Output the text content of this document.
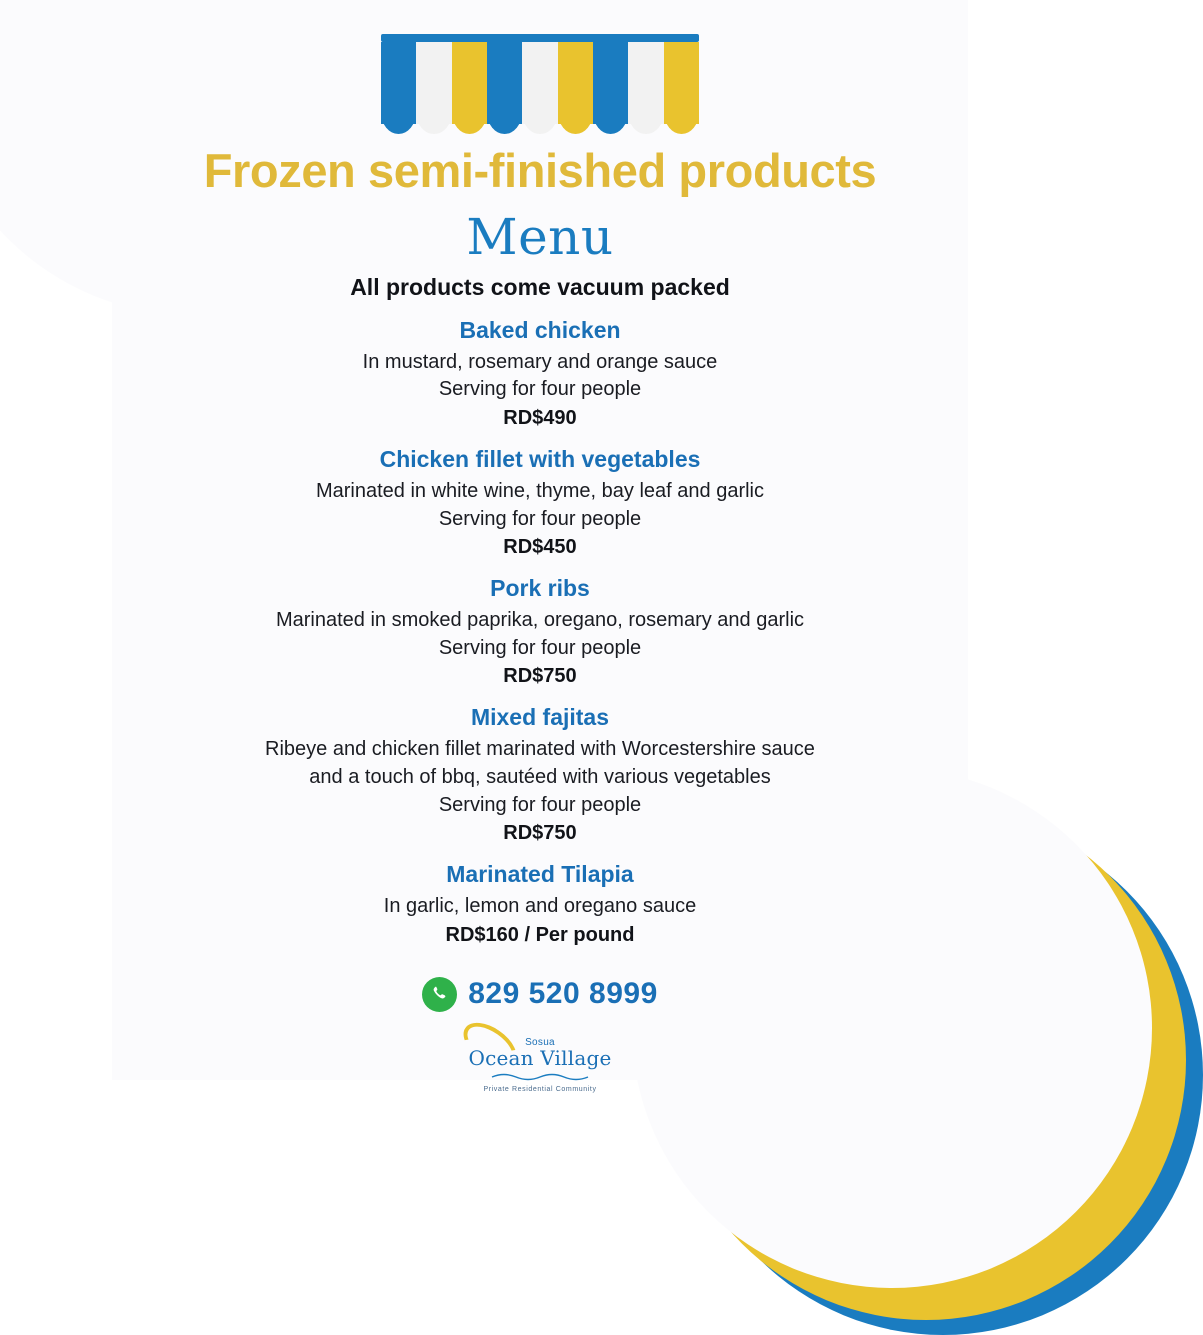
Frozen semi-finished products
Menu
All products come vacuum packed
Baked chicken
In mustard, rosemary and orange sauce
Serving for four people
RD$490
Chicken fillet with vegetables
Marinated in white wine, thyme, bay leaf and garlic
Serving for four people
RD$450
Pork ribs
Marinated in smoked paprika, oregano, rosemary and garlic
Serving for four people
RD$750
Mixed fajitas
Ribeye and chicken fillet marinated with Worcestershire sauce
and a touch of bbq, sautéed with various vegetables
Serving for four people
RD$750
Marinated Tilapia
In garlic, lemon and oregano sauce
RD$160 / Per pound
829 520 8999
Sosua
Ocean Village
Private Residential Community
